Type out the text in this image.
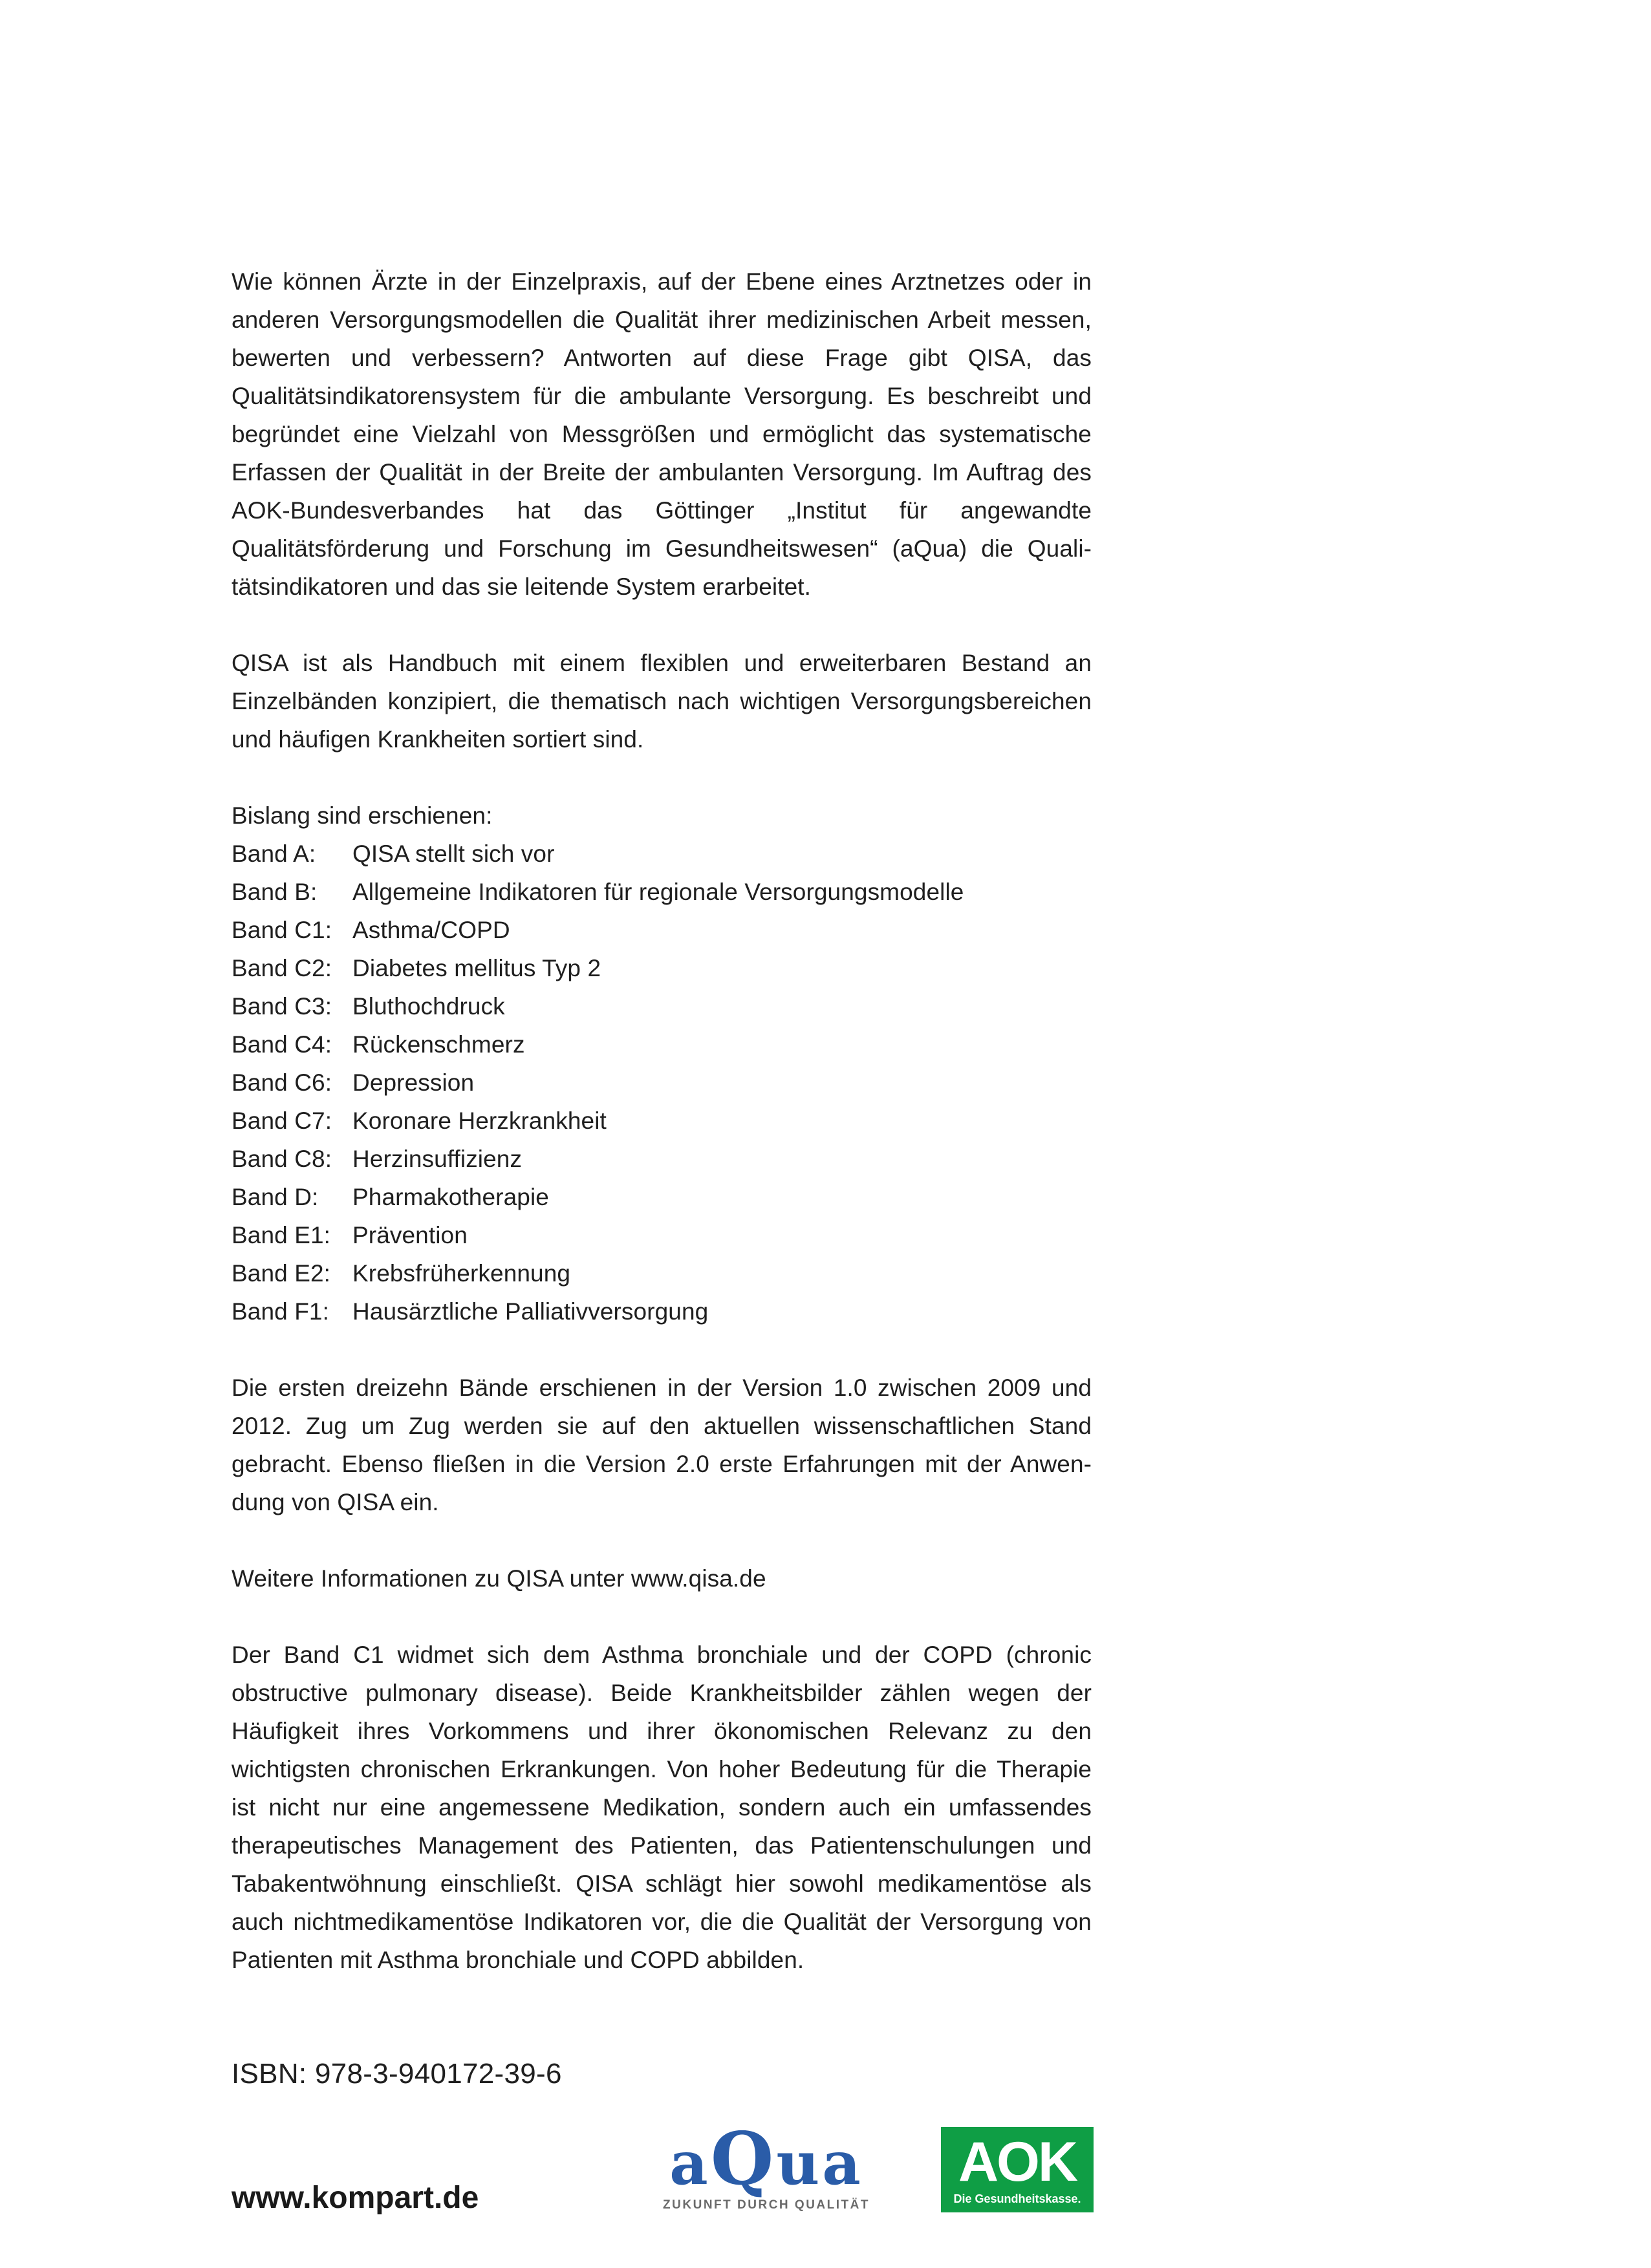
Wie können Ärzte in der Einzelpraxis, auf der Ebene eines Arztnetzes oder in anderen Versorgungsmodellen die Qualität ihrer medizinischen Arbeit messen, bewerten und verbessern? Antworten auf diese Frage gibt QISA, das Qualitätsindikatorensystem für die ambulante Versorgung. Es beschreibt und begründet eine Vielzahl von Messgrößen und ermöglicht das systematische Erfassen der Qualität in der Breite der ambulanten Versorgung. Im Auftrag des AOK-Bundesverbandes hat das Göttinger „Institut für angewandte Qualitätsförderung und Forschung im Gesundheitswesen“ (aQua) die Qualitätsindikatoren und das sie leitende System erarbeitet.

QISA ist als Handbuch mit einem flexiblen und erweiterbaren Bestand an Einzelbänden konzipiert, die thematisch nach wichtigen Versorgungsbereichen und häufigen Krankheiten sortiert sind.

Bislang sind erschienen:

Band A:	QISA stellt sich vor
Band B:	Allgemeine Indikatoren für regionale Versorgungsmodelle
Band C1: Asthma/COPD
Band C2: Diabetes mellitus Typ 2
Band C3: Bluthochdruck
Band C4: Rückenschmerz
Band C6: Depression
Band C7: Koronare Herzkrankheit
Band C8: Herzinsuffizienz
Band D:	Pharmakotherapie
Band E1: Prävention
Band E2: Krebsfrüherkennung
Band F1: Hausärztliche Palliativversorgung

Die ersten dreizehn Bände erschienen in der Version 1.0 zwischen 2009 und 2012. Zug um Zug werden sie auf den aktuellen wissenschaftlichen Stand gebracht. Ebenso fließen in die Version 2.0 erste Erfahrungen mit der Anwendung von QISA ein.

Weitere Informationen zu QISA unter www.qisa.de

Der Band C1 widmet sich dem Asthma bronchiale und der COPD (chronic obstructive pulmonary disease). Beide Krankheitsbilder zählen wegen der Häufigkeit ihres Vorkommens und ihrer ökonomischen Relevanz zu den wichtigsten chronischen Erkrankungen. Von hoher Bedeutung für die Therapie ist nicht nur eine angemessene Medikation, sondern auch ein umfassendes therapeutisches Management des Patienten, das Patientenschulungen und Tabakentwöhnung einschließt. QISA schlägt hier sowohl medikamentöse als auch nichtmedikamentöse Indikatoren vor, die die Qualität der Versorgung von Patienten mit Asthma bronchiale und COPD abbilden.

ISBN: 978-3-940172-39-6
www.kompart.de	aQua
ZUKUNFT DURCH QUALITÄT
AOK
Die Gesundheitskasse.
